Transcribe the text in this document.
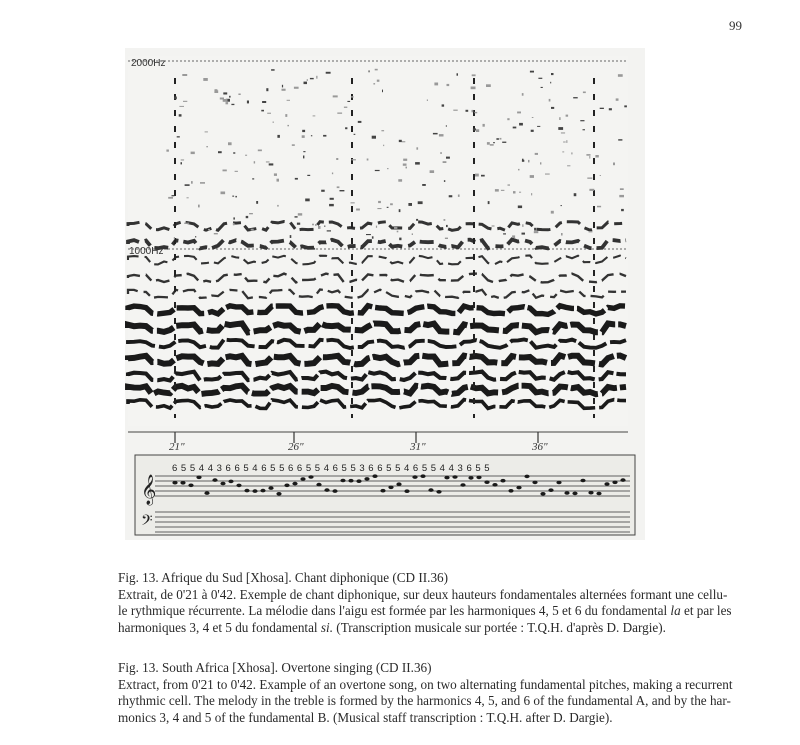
99
𝄞
𝄢
2000Hz
1000Hz
21"	26"	31"	36"
6 5 5 4 4 3 6 6 5 4 6 5 5 6 6 5 5 4 6 5 5 3 6 6 5 5 4 6 5 5 4 4 3 6 5 5

Fig. 13. Afrique du Sud [Xhosa]. Chant diphonique (CD II.36)

Extrait, de 0'21 à 0'42. Exemple de chant diphonique, sur deux hauteurs fondamentales alternées formant une cellu-

le rythmique récurrente. La mélodie dans l'aigu est formée par les harmoniques 4, 5 et 6 du fondamental la et par les

harmoniques 3, 4 et 5 du fondamental si. (Transcription musicale sur portée : T.Q.H. d'après D. Dargie).

Fig. 13. South Africa [Xhosa]. Overtone singing (CD II.36)

Extract, from 0'21 to 0'42. Example of an overtone song, on two alternating fundamental pitches, making a recurrent

rhythmic cell. The melody in the treble is formed by the harmonics 4, 5, and 6 of the fundamental A, and by the har-

monics 3, 4 and 5 of the fundamental B. (Musical staff transcription : T.Q.H. after D. Dargie).
